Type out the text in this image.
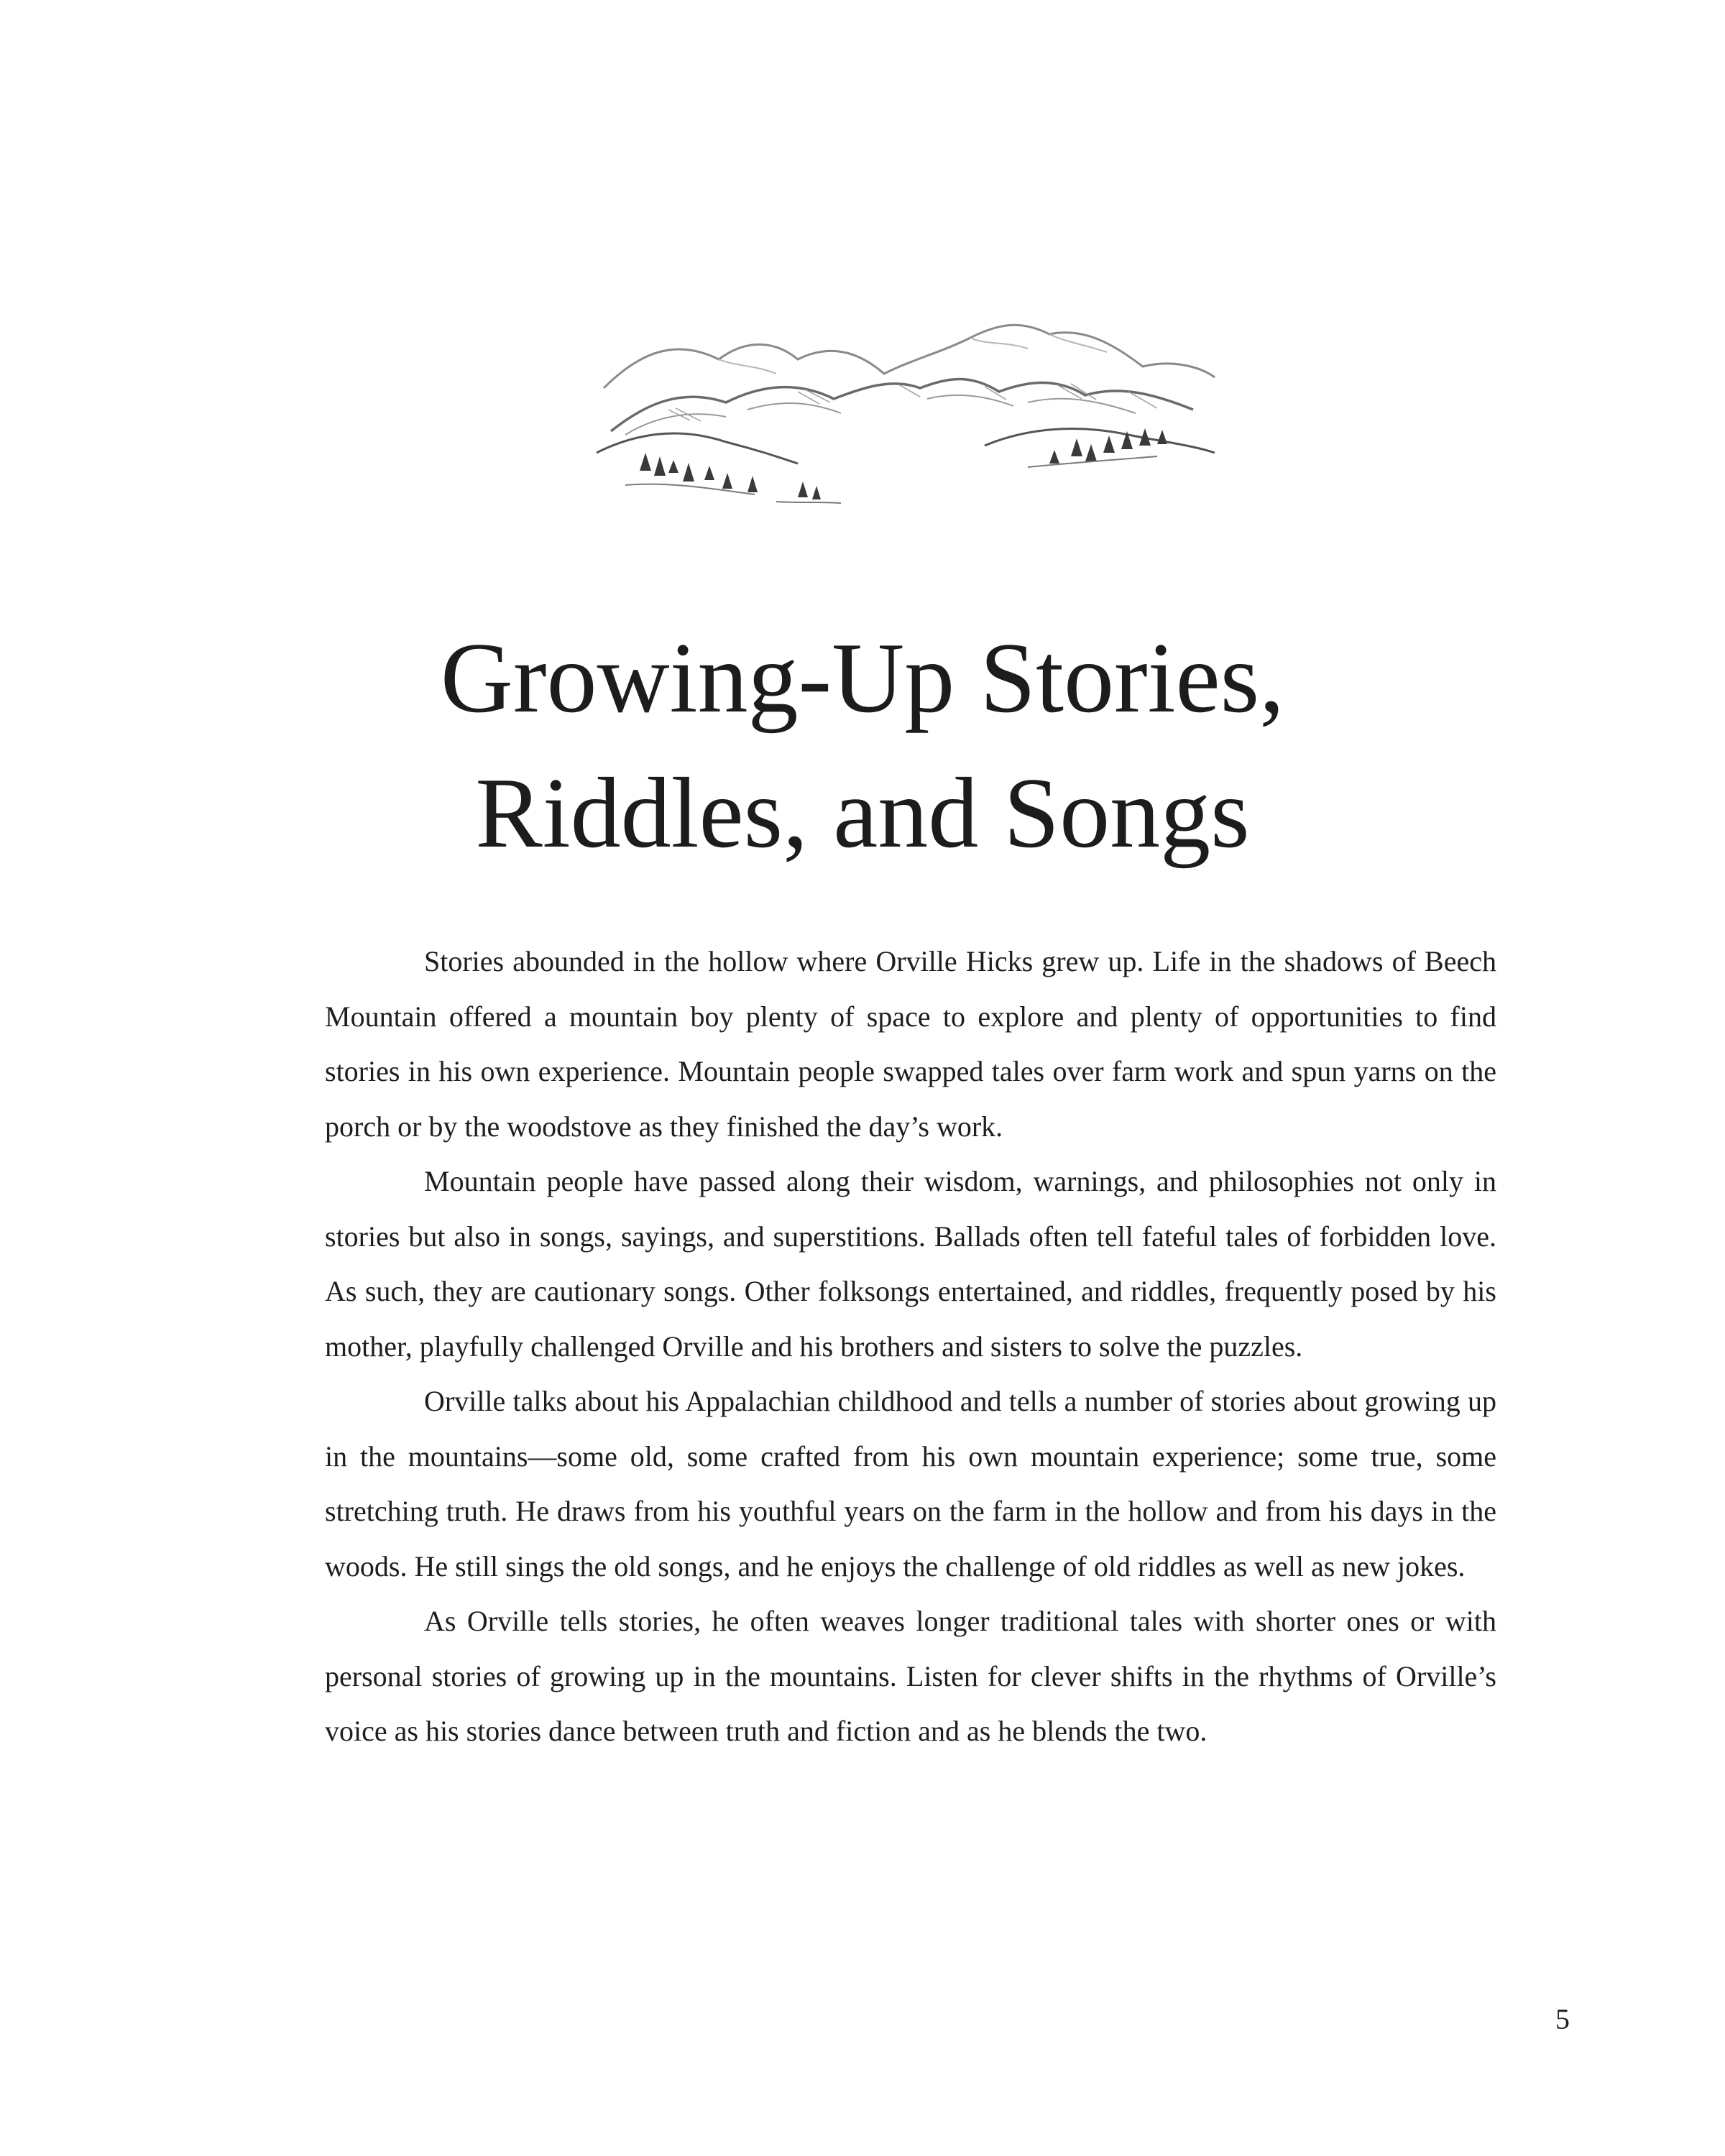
Growing-Up Stories,
Riddles, and Songs

Stories abounded in the hollow where Orville Hicks grew up. Life in the shadows of Beech Mountain offered a mountain boy plenty of space to explore and plenty of opportunities to find stories in his own experience. Mountain people swapped tales over farm work and spun yarns on the porch or by the woodstove as they finished the day’s work.

Mountain people have passed along their wisdom, warnings, and philosophies not only in stories but also in songs, sayings, and superstitions. Ballads often tell fateful tales of forbidden love. As such, they are cautionary songs. Other folksongs entertained, and riddles, frequently posed by his mother, playfully challenged Orville and his brothers and sisters to solve the puzzles.

Orville talks about his Appalachian childhood and tells a number of stories about growing up in the mountains—some old, some crafted from his own mountain experience; some true, some stretching truth. He draws from his youthful years on the farm in the hollow and from his days in the woods. He still sings the old songs, and he enjoys the challenge of old riddles as well as new jokes.

As Orville tells stories, he often weaves longer traditional tales with shorter ones or with personal stories of growing up in the mountains. Listen for clever shifts in the rhythms of Orville’s voice as his stories dance between truth and fiction and as he blends the two.

5
